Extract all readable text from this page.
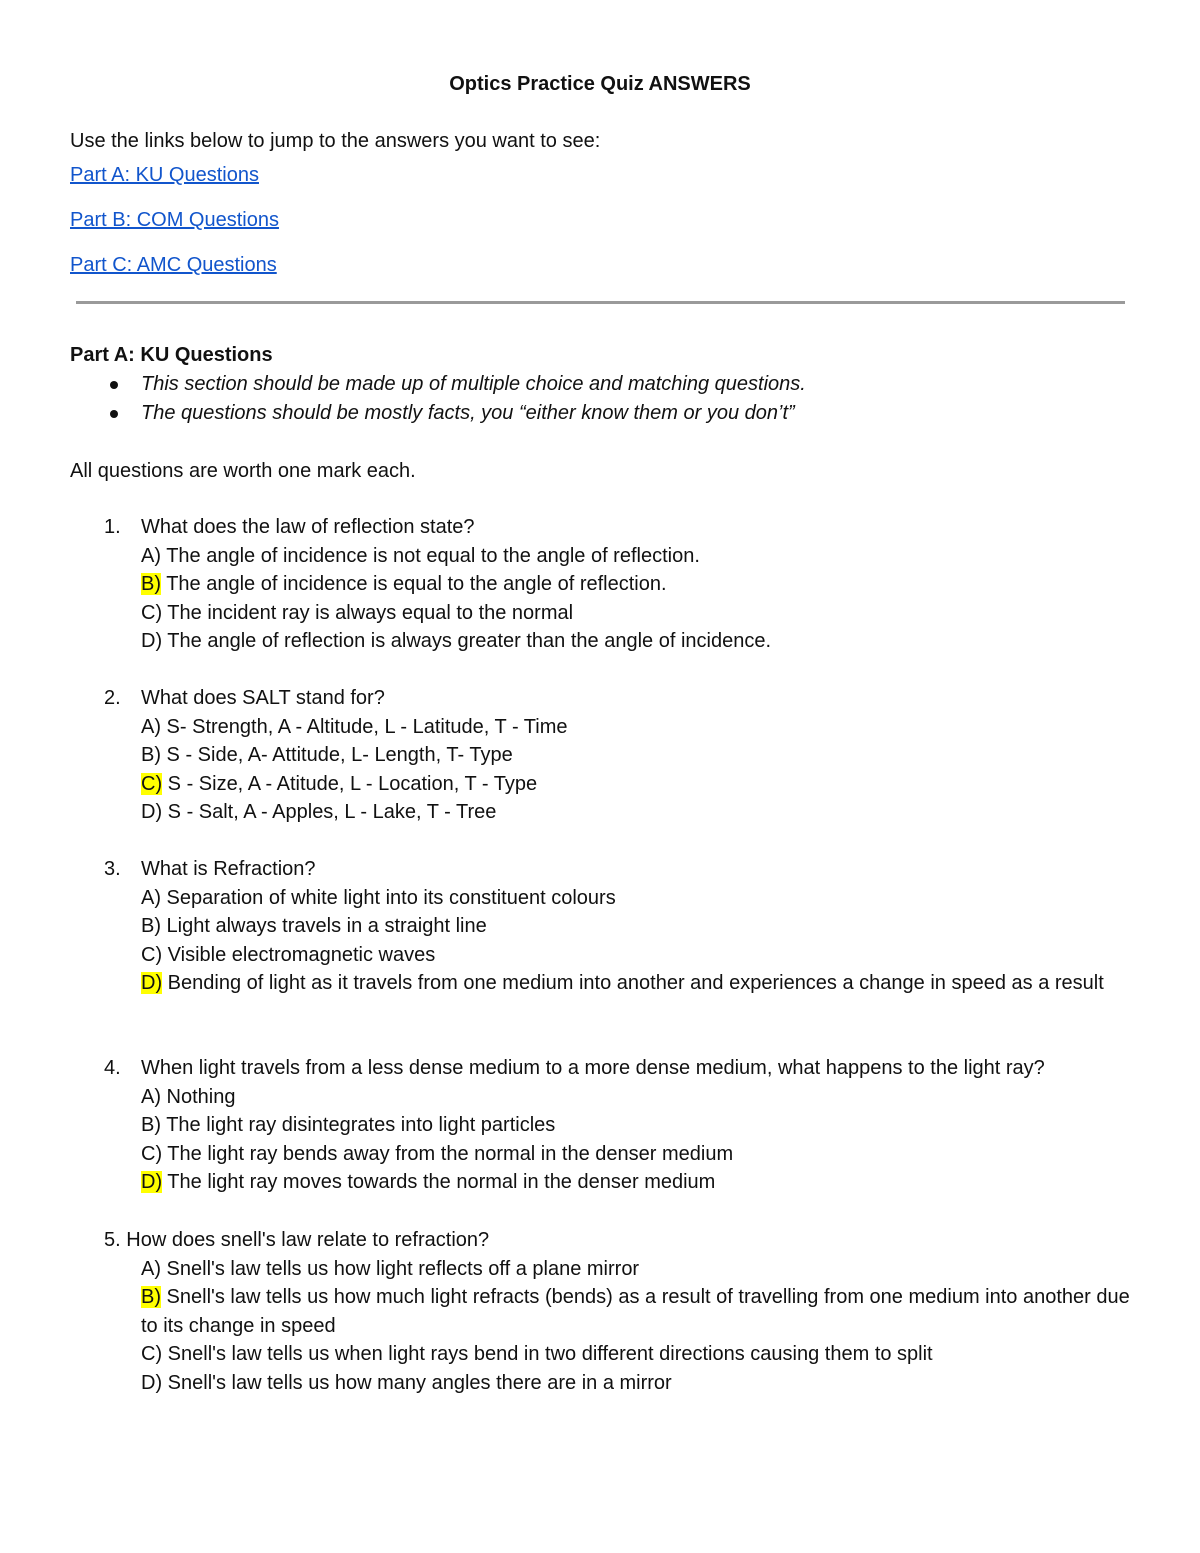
Optics Practice Quiz ANSWERS
Use the links below to jump to the answers you want to see:
Part A: KU Questions
Part B: COM Questions
Part C: AMC Questions
Part A: KU Questions
This section should be made up of multiple choice and matching questions.
The questions should be mostly facts, you “either know them or you don’t”
All questions are worth one mark each.
1. What does the law of reflection state?
A) The angle of incidence is not equal to the angle of reflection.
B) The angle of incidence is equal to the angle of reflection.
C) The incident ray is always equal to the normal
D) The angle of reflection is always greater than the angle of incidence.
2. What does SALT stand for?
A) S- Strength, A - Altitude, L - Latitude, T - Time
B) S - Side, A- Attitude, L- Length, T- Type
C) S - Size, A - Atitude, L - Location, T - Type
D) S - Salt, A - Apples, L - Lake, T - Tree
3. What is Refraction?
A) Separation of white light into its constituent colours
B) Light always travels in a straight line
C) Visible electromagnetic waves
D) Bending of light as it travels from one medium into another and experiences a change in speed as a result
4. When light travels from a less dense medium to a more dense medium, what happens to the light ray?
A) Nothing
B) The light ray disintegrates into light particles
C) The light ray bends away from the normal in the denser medium
D) The light ray moves towards the normal in the denser medium
5. How does snell's law relate to refraction?
A) Snell's law tells us how light reflects off a plane mirror
B) Snell's law tells us how much light refracts (bends) as a result of travelling from one medium into another due to its change in speed
C) Snell's law tells us when light rays bend in two different directions causing them to split
D) Snell's law tells us how many angles there are in a mirror
